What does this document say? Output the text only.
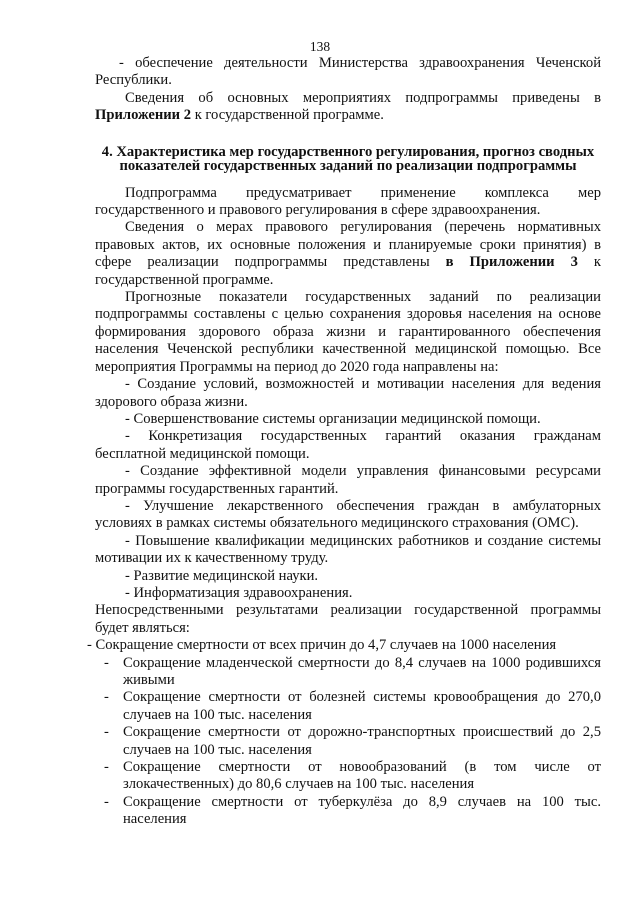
138

- обеспечение деятельности Министерства здравоохранения Чеченской Республики.

Сведения об основных мероприятиях подпрограммы приведены в Приложении 2 к государственной программе.

4. Характеристика мер государственного регулирования, прогноз сводных показателей государственных заданий по реализации подпрограммы

Подпрограмма предусматривает применение комплекса мер государственного и правового регулирования в сфере здравоохранения.

Сведения о мерах правового регулирования (перечень нормативных правовых актов, их основные положения и планируемые сроки принятия) в сфере реализации подпрограммы представлены в Приложении 3 к государственной программе.

Прогнозные показатели государственных заданий по реализации подпрограммы составлены с целью сохранения здоровья населения на основе формирования здорового образа жизни и гарантированного обеспечения населения Чеченской республики качественной медицинской помощью. Все мероприятия Программы на период до 2020 года направлены на:

- Создание условий, возможностей и мотивации населения для ведения здорового образа жизни.

- Совершенствование системы организации медицинской помощи.

- Конкретизация государственных гарантий оказания гражданам бесплатной медицинской помощи.

- Создание эффективной модели управления финансовыми ресурсами программы государственных гарантий.

- Улучшение лекарственного обеспечения граждан в амбулаторных условиях в рамках системы обязательного медицинского страхования (ОМС).

- Повышение квалификации медицинских работников и создание системы мотивации их к качественному труду.

- Развитие медицинской науки.

- Информатизация здравоохранения.

Непосредственными результатами реализации государственной программы будет являться:

- Сокращение смертности от всех причин до 4,7 случаев на 1000 населения

- Сокращение младенческой смертности до 8,4 случаев на 1000 родившихся живыми
- Сокращение смертности от болезней системы кровообращения до 270,0 случаев на 100 тыс. населения
- Сокращение смертности от дорожно-транспортных происшествий до 2,5 случаев на 100 тыс. населения
- Сокращение смертности от новообразований (в том числе от злокачественных) до 80,6 случаев на 100 тыс. населения
- Сокращение смертности от туберкулёза до 8,9 случаев на 100 тыс. населения
